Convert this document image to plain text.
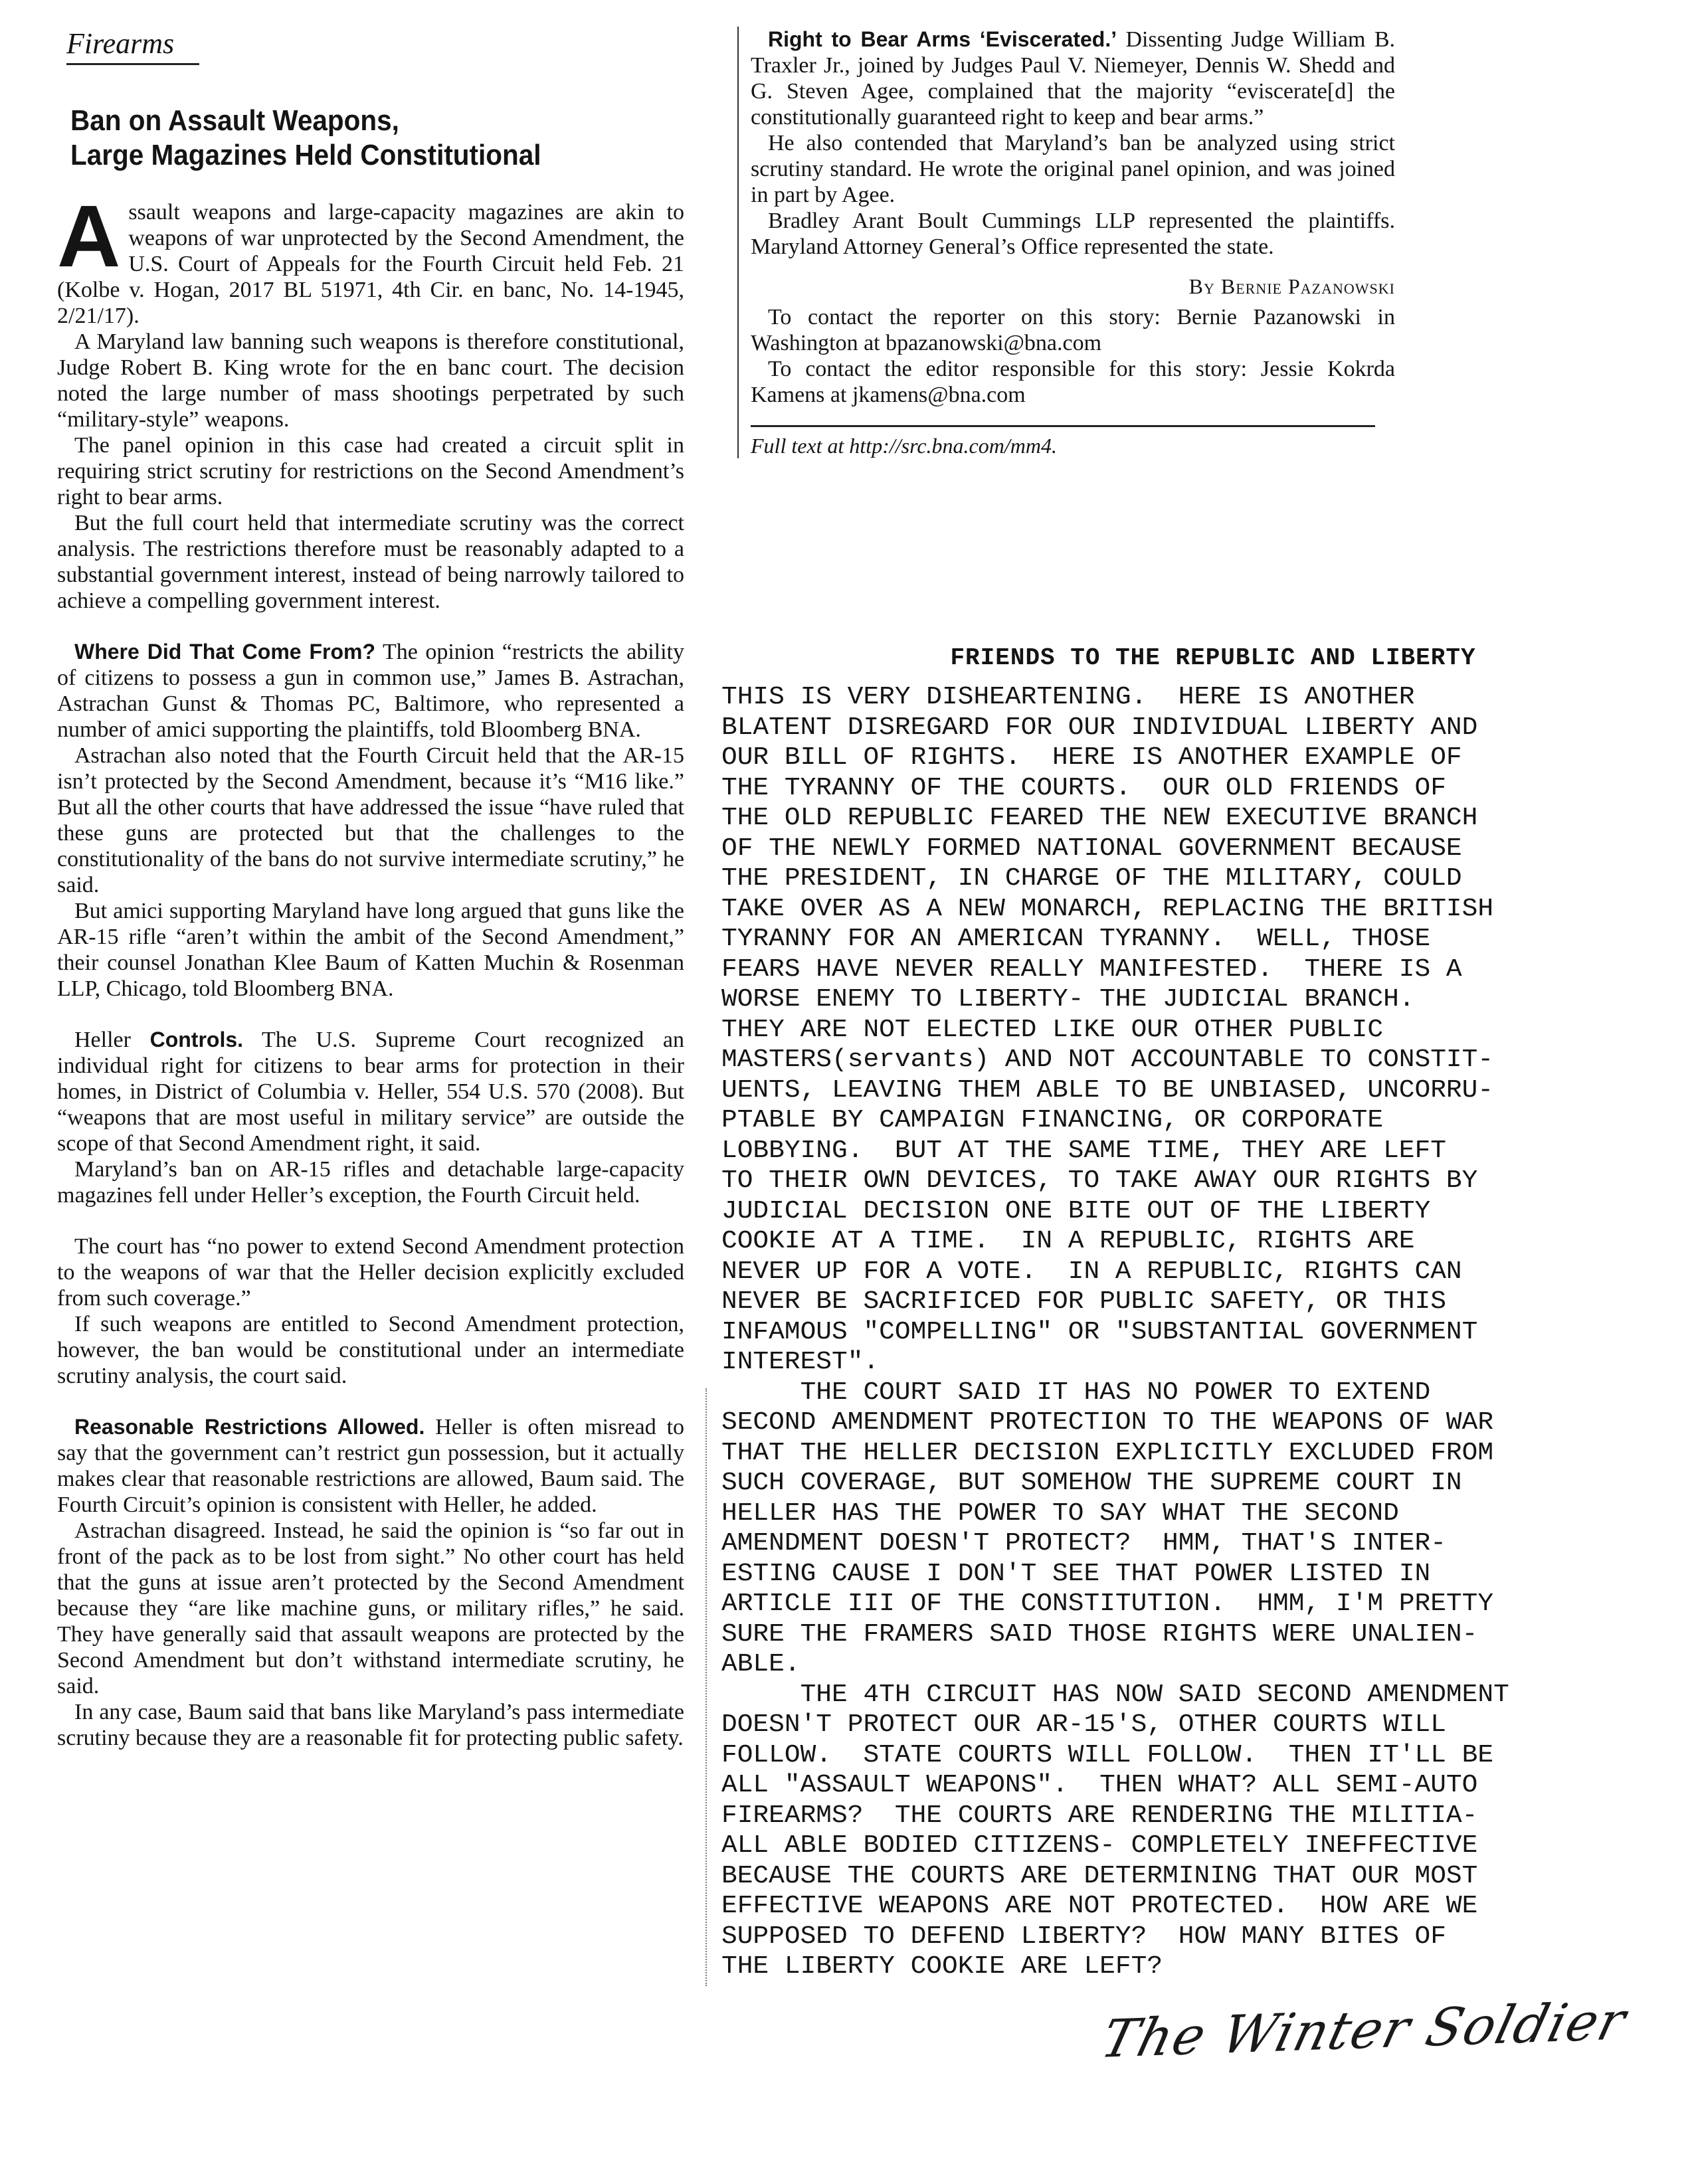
Firearms
Ban on Assault Weapons,
Large Magazines Held Constitutional

Assault weapons and large-capacity magazines are akin to weapons of war unprotected by the Second Amendment, the U.S. Court of Appeals for the Fourth Circuit held Feb. 21 (Kolbe v. Hogan, 2017 BL 51971, 4th Cir. en banc, No. 14-1945, 2/21/17).

A Maryland law banning such weapons is therefore constitutional, Judge Robert B. King wrote for the en banc court. The decision noted the large number of mass shootings perpetrated by such “military-style” weapons.

The panel opinion in this case had created a circuit split in requiring strict scrutiny for restrictions on the Second Amendment’s right to bear arms.

But the full court held that intermediate scrutiny was the correct analysis. The restrictions therefore must be reasonably adapted to a substantial government interest, instead of being narrowly tailored to achieve a compelling government interest.

Where Did That Come From? The opinion “restricts the ability of citizens to possess a gun in common use,” James B. Astrachan, Astrachan Gunst & Thomas PC, Baltimore, who represented a number of amici supporting the plaintiffs, told Bloomberg BNA.

Astrachan also noted that the Fourth Circuit held that the AR-15 isn’t protected by the Second Amendment, because it’s “M16 like.” But all the other courts that have addressed the issue “have ruled that these guns are protected but that the challenges to the constitutionality of the bans do not survive intermediate scrutiny,” he said.

But amici supporting Maryland have long argued that guns like the AR-15 rifle “aren’t within the ambit of the Second Amendment,” their counsel Jonathan Klee Baum of Katten Muchin & Rosenman LLP, Chicago, told Bloomberg BNA.

Heller Controls. The U.S. Supreme Court recognized an individual right for citizens to bear arms for protection in their homes, in District of Columbia v. Heller, 554 U.S. 570 (2008). But “weapons that are most useful in military service” are outside the scope of that Second Amendment right, it said.

Maryland’s ban on AR-15 rifles and detachable large-capacity magazines fell under Heller’s exception, the Fourth Circuit held.

The court has “no power to extend Second Amendment protection to the weapons of war that the Heller decision explicitly excluded from such coverage.”

If such weapons are entitled to Second Amendment protection, however, the ban would be constitutional under an intermediate scrutiny analysis, the court said.

Reasonable Restrictions Allowed. Heller is often misread to say that the government can’t restrict gun possession, but it actually makes clear that reasonable restrictions are allowed, Baum said. The Fourth Circuit’s opinion is consistent with Heller, he added.

Astrachan disagreed. Instead, he said the opinion is “so far out in front of the pack as to be lost from sight.” No other court has held that the guns at issue aren’t protected by the Second Amendment because they “are like machine guns, or military rifles,” he said. They have generally said that assault weapons are protected by the Second Amendment but don’t withstand intermediate scrutiny, he said.

In any case, Baum said that bans like Maryland’s pass intermediate scrutiny because they are a reasonable fit for protecting public safety.

Right to Bear Arms ‘Eviscerated.’ Dissenting Judge William B. Traxler Jr., joined by Judges Paul V. Niemeyer, Dennis W. Shedd and G. Steven Agee, complained that the majority “eviscerate[d] the constitutionally guaranteed right to keep and bear arms.”

He also contended that Maryland’s ban be analyzed using strict scrutiny standard. He wrote the original panel opinion, and was joined in part by Agee.

Bradley Arant Boult Cummings LLP represented the plaintiffs. Maryland Attorney General’s Office represented the state.

By Bernie Pazanowski

To contact the reporter on this story: Bernie Pazanowski in Washington at bpazanowski@bna.com

To contact the editor responsible for this story: Jessie Kokrda Kamens at jkamens@bna.com

Full text at http://src.bna.com/mm4.
FRIENDS TO THE REPUBLIC AND LIBERTY
THIS IS VERY DISHEARTENING.  HERE IS ANOTHER
BLATENT DISREGARD FOR OUR INDIVIDUAL LIBERTY AND
OUR BILL OF RIGHTS.  HERE IS ANOTHER EXAMPLE OF
THE TYRANNY OF THE COURTS.  OUR OLD FRIENDS OF
THE OLD REPUBLIC FEARED THE NEW EXECUTIVE BRANCH
OF THE NEWLY FORMED NATIONAL GOVERNMENT BECAUSE
THE PRESIDENT, IN CHARGE OF THE MILITARY, COULD
TAKE OVER AS A NEW MONARCH, REPLACING THE BRITISH
TYRANNY FOR AN AMERICAN TYRANNY.  WELL, THOSE
FEARS HAVE NEVER REALLY MANIFESTED.  THERE IS A
WORSE ENEMY TO LIBERTY- THE JUDICIAL BRANCH.
THEY ARE NOT ELECTED LIKE OUR OTHER PUBLIC
MASTERS(servants) AND NOT ACCOUNTABLE TO CONSTIT-
UENTS, LEAVING THEM ABLE TO BE UNBIASED, UNCORRU-
PTABLE BY CAMPAIGN FINANCING, OR CORPORATE
LOBBYING.  BUT AT THE SAME TIME, THEY ARE LEFT
TO THEIR OWN DEVICES, TO TAKE AWAY OUR RIGHTS BY
JUDICIAL DECISION ONE BITE OUT OF THE LIBERTY
COOKIE AT A TIME.  IN A REPUBLIC, RIGHTS ARE
NEVER UP FOR A VOTE.  IN A REPUBLIC, RIGHTS CAN
NEVER BE SACRIFICED FOR PUBLIC SAFETY, OR THIS
INFAMOUS "COMPELLING" OR "SUBSTANTIAL GOVERNMENT
INTEREST".
THE COURT SAID IT HAS NO POWER TO EXTEND
SECOND AMENDMENT PROTECTION TO THE WEAPONS OF WAR
THAT THE HELLER DECISION EXPLICITLY EXCLUDED FROM
SUCH COVERAGE, BUT SOMEHOW THE SUPREME COURT IN
HELLER HAS THE POWER TO SAY WHAT THE SECOND
AMENDMENT DOESN'T PROTECT?  HMM, THAT'S INTER-
ESTING CAUSE I DON'T SEE THAT POWER LISTED IN
ARTICLE III OF THE CONSTITUTION.  HMM, I'M PRETTY
SURE THE FRAMERS SAID THOSE RIGHTS WERE UNALIEN-
ABLE.
THE 4TH CIRCUIT HAS NOW SAID SECOND AMENDMENT
DOESN'T PROTECT OUR AR-15'S, OTHER COURTS WILL
FOLLOW.  STATE COURTS WILL FOLLOW.  THEN IT'LL BE
ALL "ASSAULT WEAPONS".  THEN WHAT? ALL SEMI-AUTO
FIREARMS?  THE COURTS ARE RENDERING THE MILITIA-
ALL ABLE BODIED CITIZENS- COMPLETELY INEFFECTIVE
BECAUSE THE COURTS ARE DETERMINING THAT OUR MOST
EFFECTIVE WEAPONS ARE NOT PROTECTED.  HOW ARE WE
SUPPOSED TO DEFEND LIBERTY?  HOW MANY BITES OF
THE LIBERTY COOKIE ARE LEFT?
The Winter Soldier
